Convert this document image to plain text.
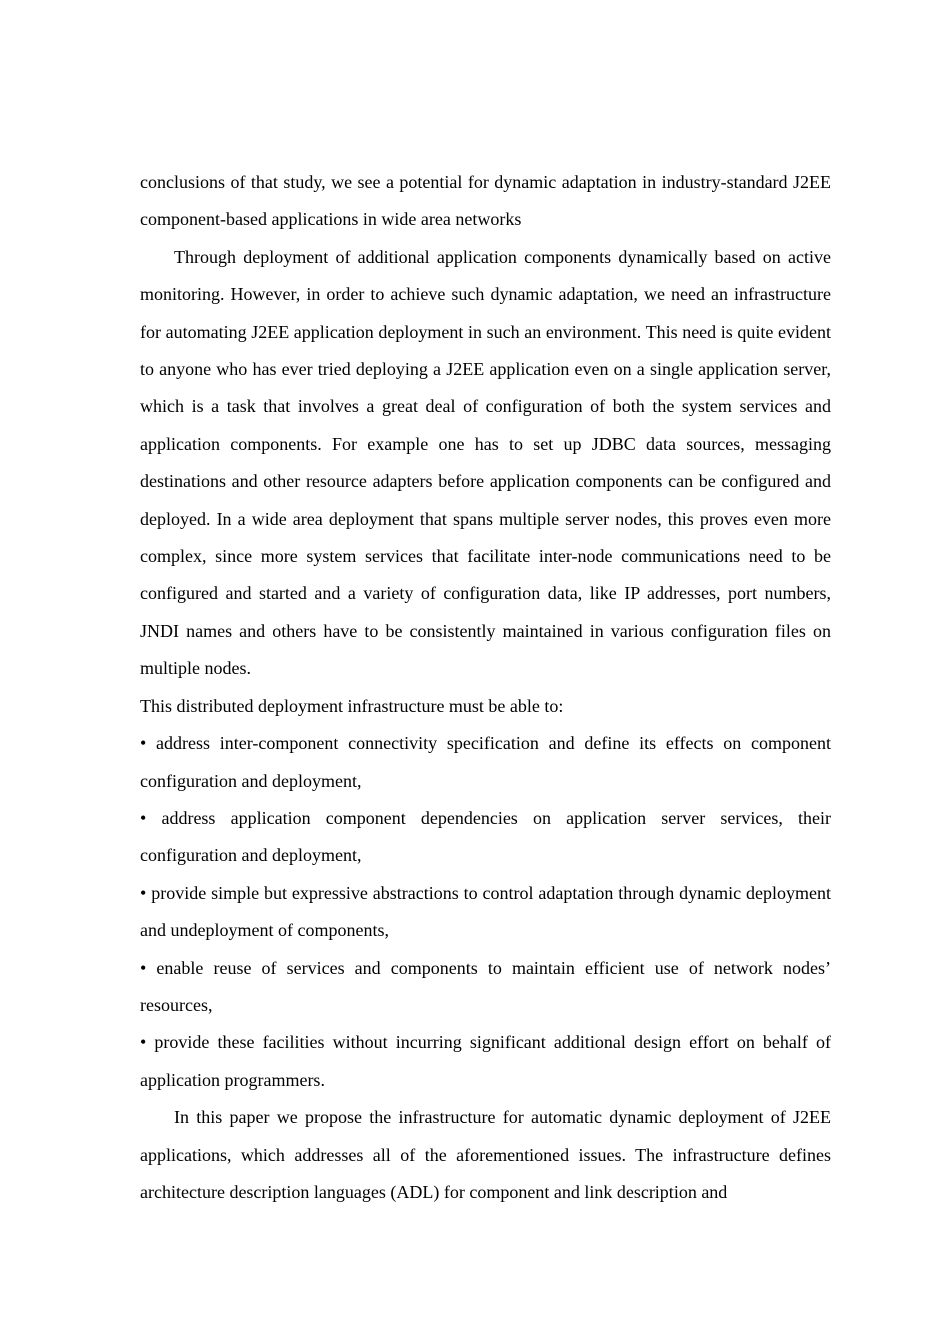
conclusions of that study, we see a potential for dynamic adaptation in industry-standard J2EE component-based applications in wide area networks

Through deployment of additional application components dynamically based on active monitoring. However, in order to achieve such dynamic adaptation, we need an infrastructure for automating J2EE application deployment in such an environment. This need is quite evident to anyone who has ever tried deploying a J2EE application even on a single application server, which is a task that involves a great deal of configuration of both the system services and application components. For example one has to set up JDBC data sources, messaging destinations and other resource adapters before application components can be configured and deployed. In a wide area deployment that spans multiple server nodes, this proves even more complex, since more system services that facilitate inter-node communications need to be configured and started and a variety of configuration data, like IP addresses, port numbers, JNDI names and others have to be consistently maintained in various configuration files on multiple nodes.

This distributed deployment infrastructure must be able to:

• address inter-component connectivity specification and define its effects on component configuration and deployment,

• address application component dependencies on application server services, their configuration and deployment,

• provide simple but expressive abstractions to control adaptation through dynamic deployment and undeployment of components,

• enable reuse of services and components to maintain efficient use of network nodes’ resources,

• provide these facilities without incurring significant additional design effort on behalf of application programmers.

In this paper we propose the infrastructure for automatic dynamic deployment of J2EE applications, which addresses all of the aforementioned issues. The infrastructure defines architecture description languages (ADL) for component and link description and
